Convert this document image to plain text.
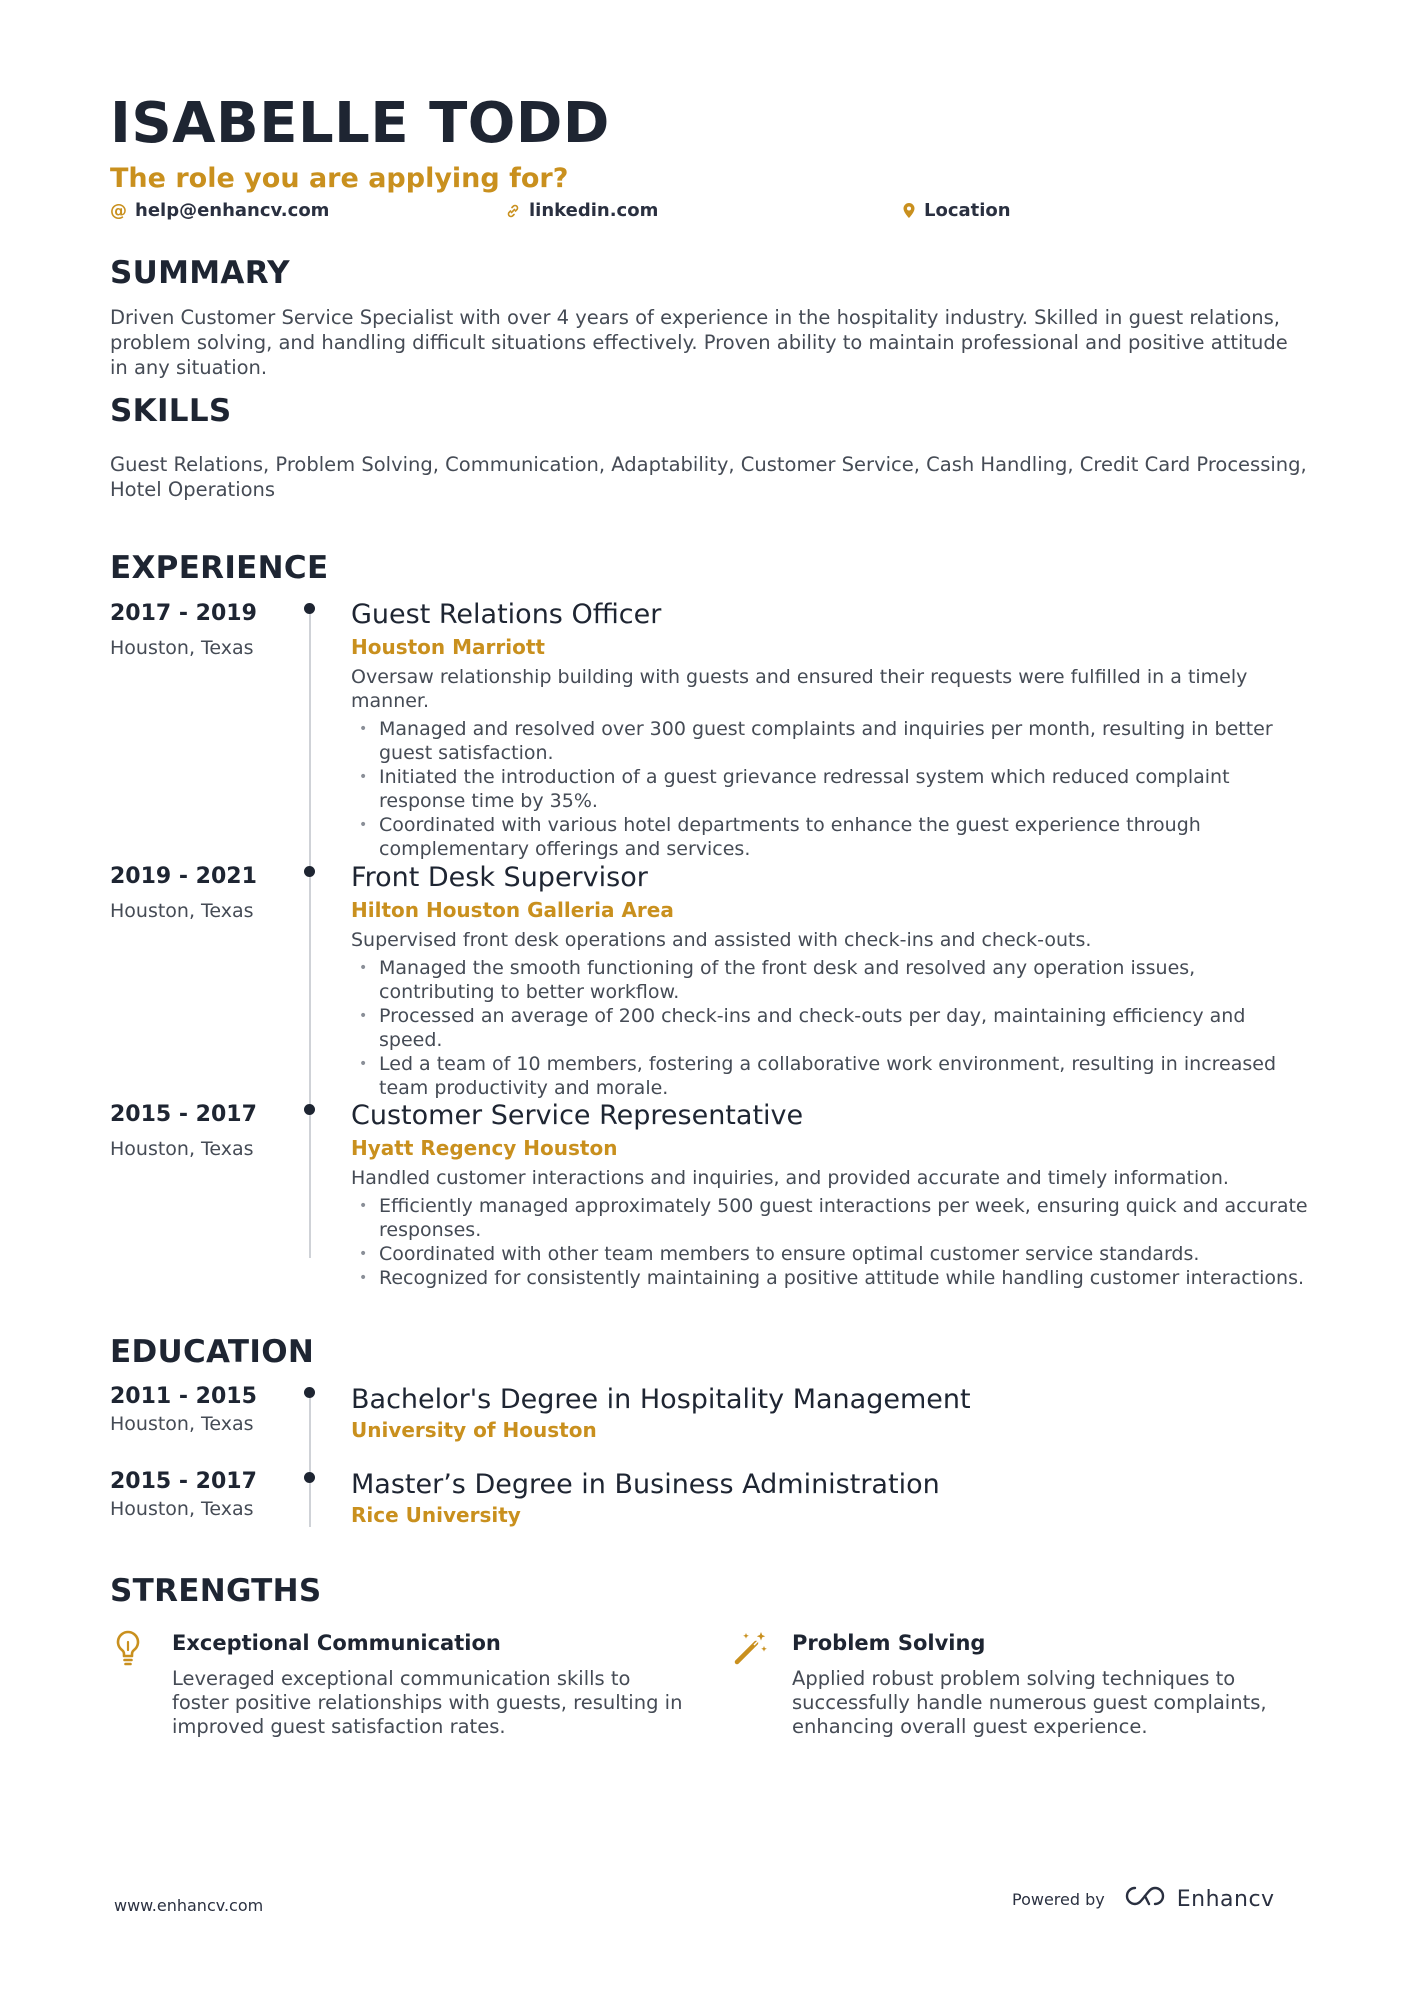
ISABELLE TODD
The role you are applying for?
@ help@enhancv.com	linkedin.com	Location
SUMMARY
Driven Customer Service Specialist with over 4 years of experience in the hospitality industry. Skilled in guest relations, problem solving, and handling difficult situations effectively. Proven ability to maintain professional and positive attitude in any situation.
SKILLS
Guest Relations, Problem Solving, Communication, Adaptability, Customer Service, Cash Handling, Credit Card Processing, Hotel Operations
EXPERIENCE
2017 - 2019
Houston, Texas
Guest Relations Officer
Houston Marriott
Oversaw relationship building with guests and ensured their requests were fulfilled in a timely manner.
• Managed and resolved over 300 guest complaints and inquiries per month, resulting in better guest satisfaction.
• Initiated the introduction of a guest grievance redressal system which reduced complaint response time by 35%.
• Coordinated with various hotel departments to enhance the guest experience through complementary offerings and services.
2019 - 2021
Houston, Texas
Front Desk Supervisor
Hilton Houston Galleria Area
Supervised front desk operations and assisted with check-ins and check-outs.
• Managed the smooth functioning of the front desk and resolved any operation issues, contributing to better workflow.
• Processed an average of 200 check-ins and check-outs per day, maintaining efficiency and speed.
• Led a team of 10 members, fostering a collaborative work environment, resulting in increased team productivity and morale.
2015 - 2017
Houston, Texas
Customer Service Representative
Hyatt Regency Houston
Handled customer interactions and inquiries, and provided accurate and timely information.
• Efficiently managed approximately 500 guest interactions per week, ensuring quick and accurate responses.
• Coordinated with other team members to ensure optimal customer service standards.
• Recognized for consistently maintaining a positive attitude while handling customer interactions.
EDUCATION
2011 - 2015
Houston, Texas
Bachelor's Degree in Hospitality Management
University of Houston
2015 - 2017
Houston, Texas
Master’s Degree in Business Administration
Rice University
STRENGTHS
Exceptional Communication
Leveraged exceptional communication skills to foster positive relationships with guests, resulting in improved guest satisfaction rates.
Problem Solving
Applied robust problem solving techniques to successfully handle numerous guest complaints, enhancing overall guest experience.
www.enhancv.com	Powered by	Enhancv
